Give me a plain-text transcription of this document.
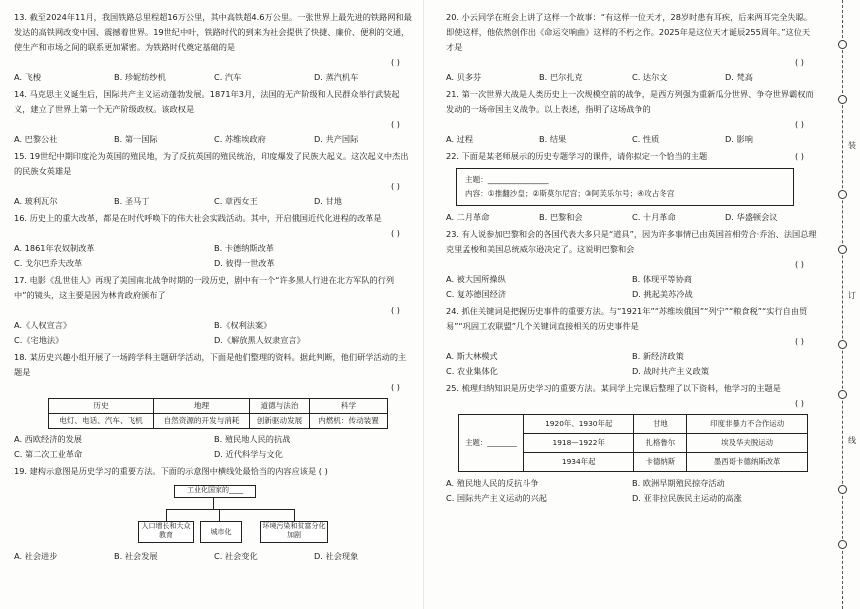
13. 截至2024年11月，我国铁路总里程超16万公里，其中高铁超4.6万公里。一张世界上最先进的铁路网和最发达的高铁网改变中国、震撼着世界。19世纪中叶，铁路时代的到来为社会提供了快捷、廉价、便利的交通，使生产和市场之间的联系更加紧密。为铁路时代奠定基础的是
( )

A. 飞梭	B. 珍妮纺纱机	C. 汽车	D. 蒸汽机车
14. 马克思主义诞生后，国际共产主义运动蓬勃发展。1871年3月，法国的无产阶级和人民群众举行武装起义，建立了世界上第一个无产阶级政权。该政权是
( )

A. 巴黎公社	B. 第一国际	C. 苏维埃政府	D. 共产国际
15. 19世纪中期印度沦为英国的殖民地，为了反抗英国的殖民统治，印度爆发了民族大起义。这次起义中杰出的民族女英雄是
( )

A. 玻利瓦尔	B. 圣马丁	C. 章西女王	D. 甘地
16. 历史上的重大改革，都是在时代呼唤下的伟大社会实践活动。其中，开启俄国近代化进程的改革是
( )

A. 1861年农奴制改革	B. 卡德纳斯改革
C. 戈尔巴乔夫改革	D. 彼得一世改革
17. 电影《乱世佳人》再现了美国南北战争时期的一段历史，剧中有一个“许多黑人行进在北方军队的行列中”的镜头，这主要是因为林肯政府颁布了
( )

A.《人权宣言》	B.《权利法案》
C.《宅地法》	D.《解放黑人奴隶宣言》
18. 某历史兴趣小组开展了一场跨学科主题研学活动，下面是他们整理的资料。据此判断，他们研学活动的主题是
( )

历史	地理	道德与法治	科学
电灯、电话、汽车、飞机	自然资源的开发与消耗	创新驱动发展	内燃机：传动装置
A. 西欧经济的发展	B. 殖民地人民的抗战
C. 第二次工业革命	D. 近代科学与文化
19. 建构示意图是历史学习的重要方法。下面的示意图中横线处最恰当的内容应该是 ( )
工业化国家的____
人口增长和大众教育	城市化
环境污染和贫富分化加剧
A. 社会进步	B. 社会发展	C. 社会变化	D. 社会现象
20. 小云同学在班会上讲了这样一个故事：“有这样一位天才，28岁时患有耳疾，后来两耳完全失聪。即使这样，他依然创作出《命运交响曲》这样的不朽之作。2025年是这位天才诞辰255周年。”这位天才是
( )

A. 贝多芬	B. 巴尔扎克	C. 达尔文	D. 梵高
21. 第一次世界大战是人类历史上一次规模空前的战争，是西方列强为重新瓜分世界、争夺世界霸权而发动的一场帝国主义战争。以上表述，指明了这场战争的
( )

A. 过程	B. 结果	C. 性质	D. 影响
22. 下面是某老师展示的历史专题学习的课件，请你拟定一个恰当的主题	( )
主题：________________
内容：①推翻沙皇；②斯莫尔尼宫；③阿芙乐尔号；④攻占冬宫
A. 二月革命	B. 巴黎和会	C. 十月革命	D. 华盛顿会议
23. 有人说参加巴黎和会的各国代表大多只是“道具”，因为许多事情已由英国首相劳合·乔治、法国总理克里孟梭和美国总统威尔逊决定了。这说明巴黎和会
( )

A. 被大国所操纵	B. 体现平等协商
C. 复苏德国经济	D. 挑起美苏冷战
24. 抓住关键词是把握历史事件的重要方法。与“1921年”“苏维埃俄国”“列宁”“粮食税”“实行自由贸易”“巩固工农联盟”几个关键词直接相关的历史事件是
( )

A. 斯大林模式	B. 新经济政策
C. 农业集体化	D. 战时共产主义政策
25. 梳理归纳知识是历史学习的重要方法。某同学上完课后整理了以下资料，他学习的主题是
( )

主题：________	1920年、1930年起	甘地	印度非暴力不合作运动
	1918—1922年	扎格鲁尔	埃及华夫脱运动
	1934年起	卡德纳斯	墨西哥卡德纳斯改革
A. 殖民地人民的反抗斗争	B. 欧洲早期殖民掠夺活动
C. 国际共产主义运动的兴起	D. 亚非拉民族民主运动的高涨
装
订
线
